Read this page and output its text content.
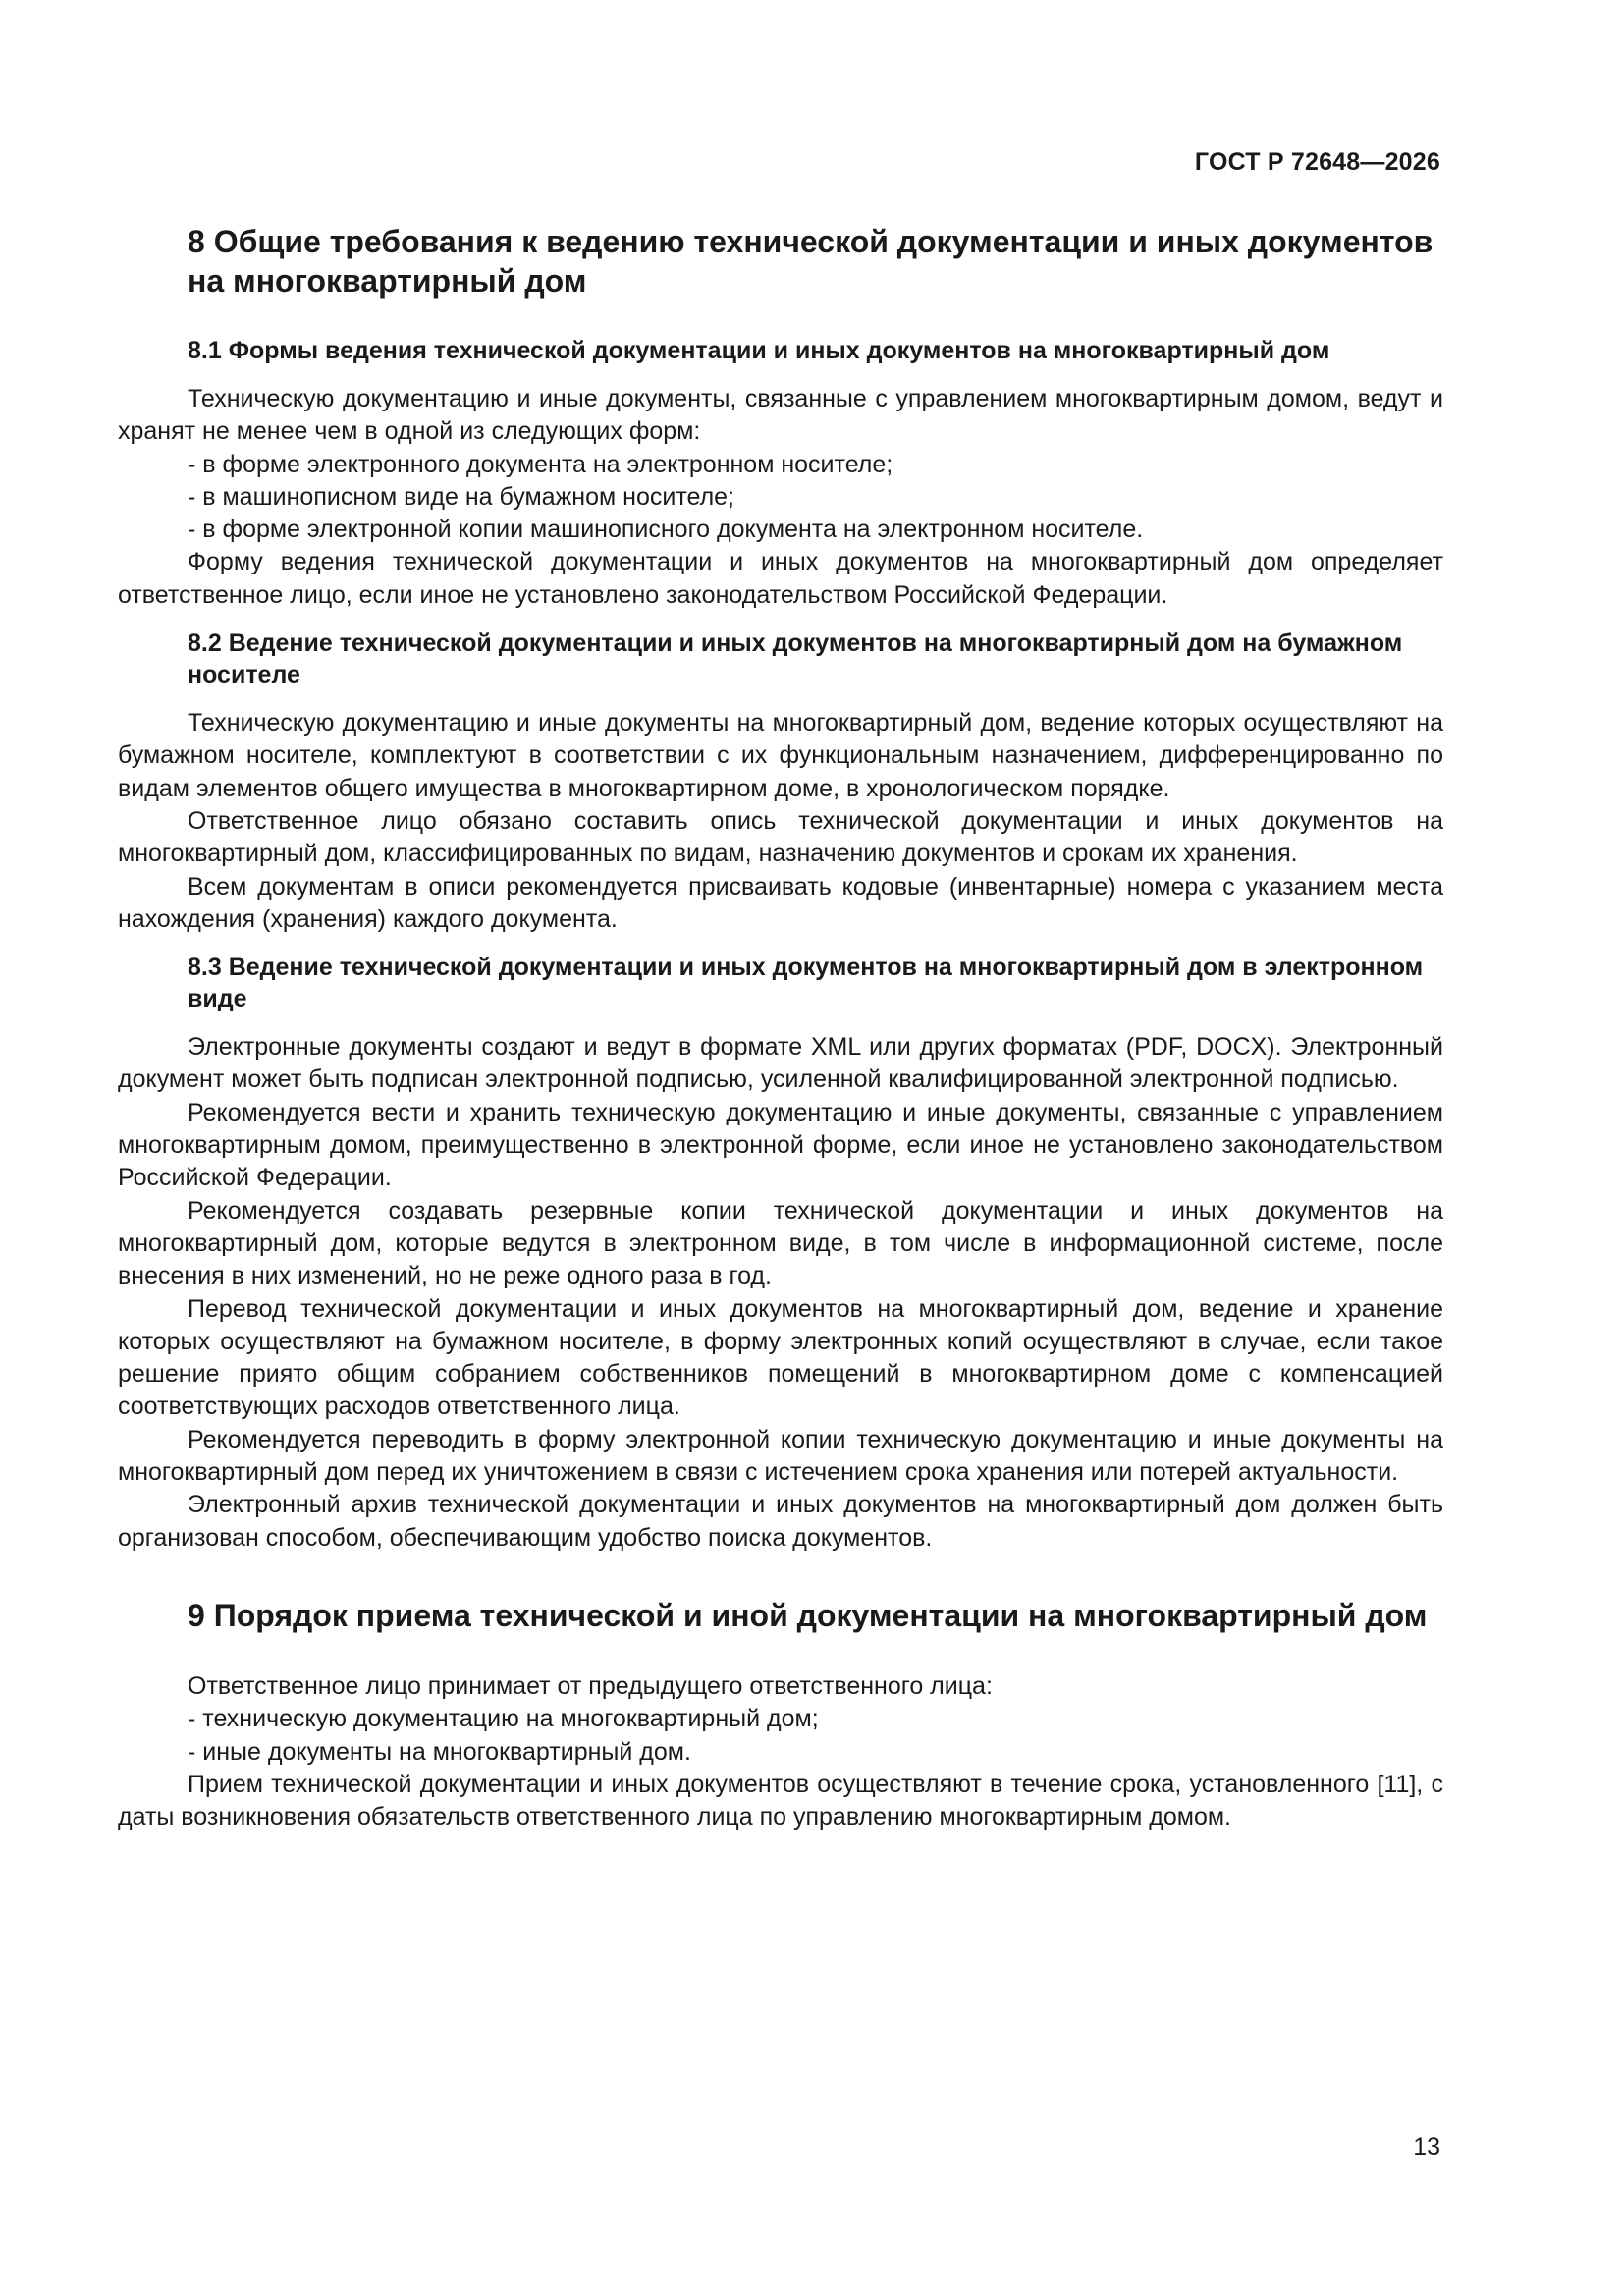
ГОСТ Р 72648—2026
8 Общие требования к ведению технической документации и иных документов на многоквартирный дом
8.1 Формы ведения технической документации и иных документов на многоквартирный дом

Техническую документацию и иные документы, связанные с управлением многоквартирным домом, ведут и хранят не менее чем в одной из следующих форм:

- в форме электронного документа на электронном носителе;
- в машинописном виде на бумажном носителе;
- в форме электронной копии машинописного документа на электронном носителе.

Форму ведения технической документации и иных документов на многоквартирный дом определяет ответственное лицо, если иное не установлено законодательством Российской Федерации.

8.2 Ведение технической документации и иных документов на многоквартирный дом на бумажном носителе

Техническую документацию и иные документы на многоквартирный дом, ведение которых осуществляют на бумажном носителе, комплектуют в соответствии с их функциональным назначением, дифференцированно по видам элементов общего имущества в многоквартирном доме, в хронологическом порядке.

Ответственное лицо обязано составить опись технической документации и иных документов на многоквартирный дом, классифицированных по видам, назначению документов и срокам их хранения.

Всем документам в описи рекомендуется присваивать кодовые (инвентарные) номера с указанием места нахождения (хранения) каждого документа.

8.3 Ведение технической документации и иных документов на многоквартирный дом в электронном виде

Электронные документы создают и ведут в формате XML или других форматах (PDF, DOCX). Электронный документ может быть подписан электронной подписью, усиленной квалифицированной электронной подписью.

Рекомендуется вести и хранить техническую документацию и иные документы, связанные с управлением многоквартирным домом, преимущественно в электронной форме, если иное не установлено законодательством Российской Федерации.

Рекомендуется создавать резервные копии технической документации и иных документов на многоквартирный дом, которые ведутся в электронном виде, в том числе в информационной системе, после внесения в них изменений, но не реже одного раза в год.

Перевод технической документации и иных документов на многоквартирный дом, ведение и хранение которых осуществляют на бумажном носителе, в форму электронных копий осуществляют в случае, если такое решение приято общим собранием собственников помещений в многоквартирном доме с компенсацией соответствующих расходов ответственного лица.

Рекомендуется переводить в форму электронной копии техническую документацию и иные документы на многоквартирный дом перед их уничтожением в связи с истечением срока хранения или потерей актуальности.

Электронный архив технической документации и иных документов на многоквартирный дом должен быть организован способом, обеспечивающим удобство поиска документов.

9 Порядок приема технической и иной документации на многоквартирный дом

Ответственное лицо принимает от предыдущего ответственного лица:

- техническую документацию на многоквартирный дом;
- иные документы на многоквартирный дом.

Прием технической документации и иных документов осуществляют в течение срока, установленного [11], с даты возникновения обязательств ответственного лица по управлению многоквартирным домом.

13
